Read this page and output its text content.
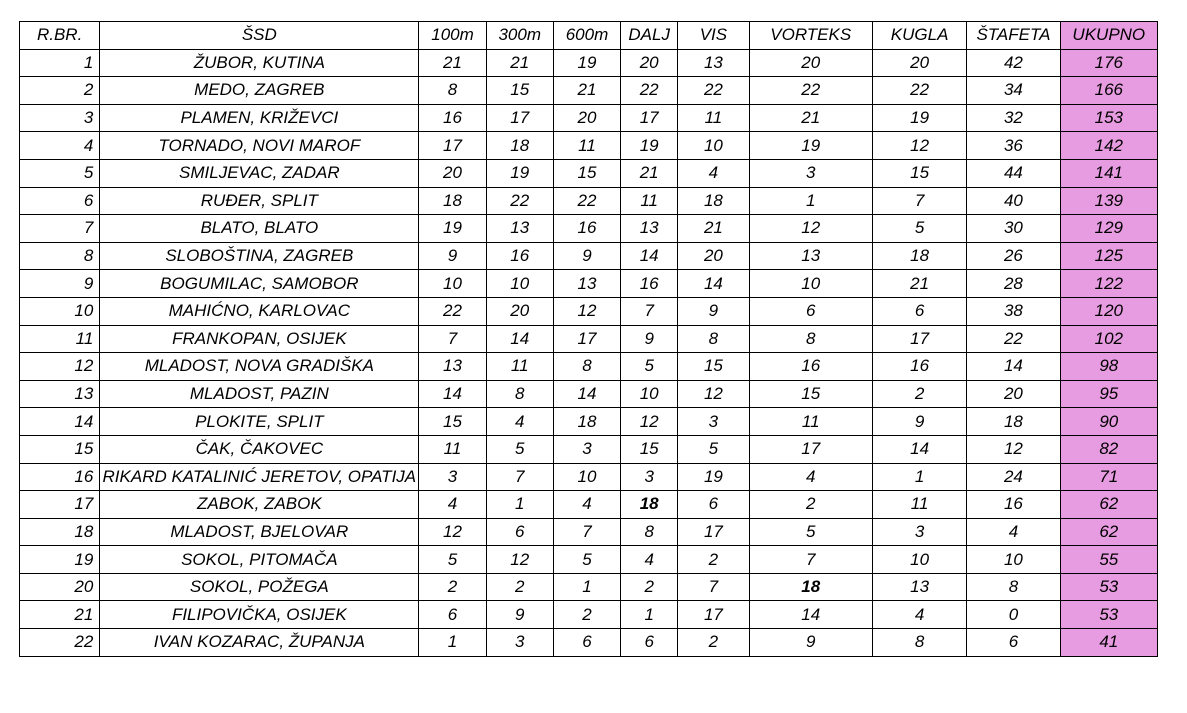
R.BR.	ŠSD	100m	300m	600m	DALJ	VIS	VORTEKS	KUGLA	ŠTAFETA	UKUPNO
1	ŽUBOR, KUTINA	21	21	19	20	13	20	20	42	176
2	MEDO, ZAGREB	8	15	21	22	22	22	22	34	166
3	PLAMEN, KRIŽEVCI	16	17	20	17	11	21	19	32	153
4	TORNADO, NOVI MAROF	17	18	11	19	10	19	12	36	142
5	SMILJEVAC, ZADAR	20	19	15	21	4	3	15	44	141
6	RUĐER, SPLIT	18	22	22	11	18	1	7	40	139
7	BLATO, BLATO	19	13	16	13	21	12	5	30	129
8	SLOBOŠTINA, ZAGREB	9	16	9	14	20	13	18	26	125
9	BOGUMILAC, SAMOBOR	10	10	13	16	14	10	21	28	122
10	MAHIĆNO, KARLOVAC	22	20	12	7	9	6	6	38	120
11	FRANKOPAN, OSIJEK	7	14	17	9	8	8	17	22	102
12	MLADOST, NOVA GRADIŠKA	13	11	8	5	15	16	16	14	98
13	MLADOST, PAZIN	14	8	14	10	12	15	2	20	95
14	PLOKITE, SPLIT	15	4	18	12	3	11	9	18	90
15	ČAK, ČAKOVEC	11	5	3	15	5	17	14	12	82
16	RIKARD KATALINIĆ JERETOV, OPATIJA	3	7	10	3	19	4	1	24	71
17	ZABOK, ZABOK	4	1	4	18	6	2	11	16	62
18	MLADOST, BJELOVAR	12	6	7	8	17	5	3	4	62
19	SOKOL, PITOMAČA	5	12	5	4	2	7	10	10	55
20	SOKOL, POŽEGA	2	2	1	2	7	18	13	8	53
21	FILIPOVIČKA, OSIJEK	6	9	2	1	17	14	4	0	53
22	IVAN KOZARAC, ŽUPANJA	1	3	6	6	2	9	8	6	41
